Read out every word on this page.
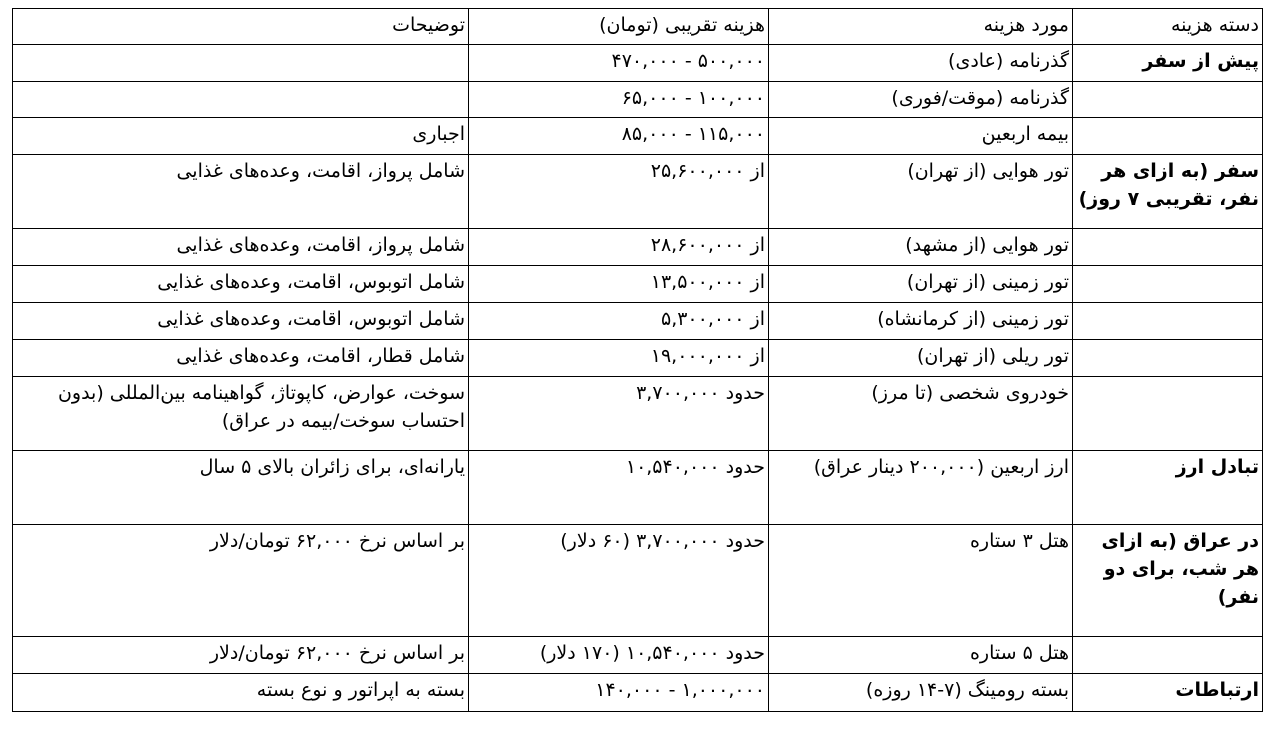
دسته هزینه	مورد هزینه	هزینه تقریبی (تومان)	توضیحات
پیش از سفر	گذرنامه (عادی)	۵۰۰,۰۰۰ - ۴۷۰,۰۰۰	
	گذرنامه (موقت/فوری)	۱۰۰,۰۰۰ - ۶۵,۰۰۰	
	بیمه اربعین	۱۱۵,۰۰۰ - ۸۵,۰۰۰	اجباری
سفر (به ازای هر نفر، تقریبی ۷ روز)	تور هوایی (از تهران)	از ۲۵,۶۰۰,۰۰۰	شامل پرواز، اقامت، وعده‌های غذایی
	تور هوایی (از مشهد)	از ۲۸,۶۰۰,۰۰۰	شامل پرواز، اقامت، وعده‌های غذایی
	تور زمینی (از تهران)	از ۱۳,۵۰۰,۰۰۰	شامل اتوبوس، اقامت، وعده‌های غذایی
	تور زمینی (از کرمانشاه)	از ۵,۳۰۰,۰۰۰	شامل اتوبوس، اقامت، وعده‌های غذایی
	تور ریلی (از تهران)	از ۱۹,۰۰۰,۰۰۰	شامل قطار، اقامت، وعده‌های غذایی
	خودروی شخصی (تا مرز)	حدود ۳,۷۰۰,۰۰۰	سوخت، عوارض، کاپوتاژ، گواهینامه بین‌المللی (بدون احتساب سوخت/بیمه در عراق)
تبادل ارز	ارز اربعین (۲۰۰,۰۰۰ دینار عراق)	حدود ۱۰,۵۴۰,۰۰۰	یارانه‌ای، برای زائران بالای ۵ سال
در عراق (به ازای هر شب، برای دو نفر)	هتل ۳ ستاره	حدود ۳,۷۰۰,۰۰۰ (۶۰ دلار)	بر اساس نرخ ۶۲,۰۰۰ تومان/دلار
	هتل ۵ ستاره	حدود ۱۰,۵۴۰,۰۰۰ (۱۷۰ دلار)	بر اساس نرخ ۶۲,۰۰۰ تومان/دلار
ارتباطات	بسته رومینگ (۷-۱۴ روزه)	۱,۰۰۰,۰۰۰ - ۱۴۰,۰۰۰	بسته به اپراتور و نوع بسته
